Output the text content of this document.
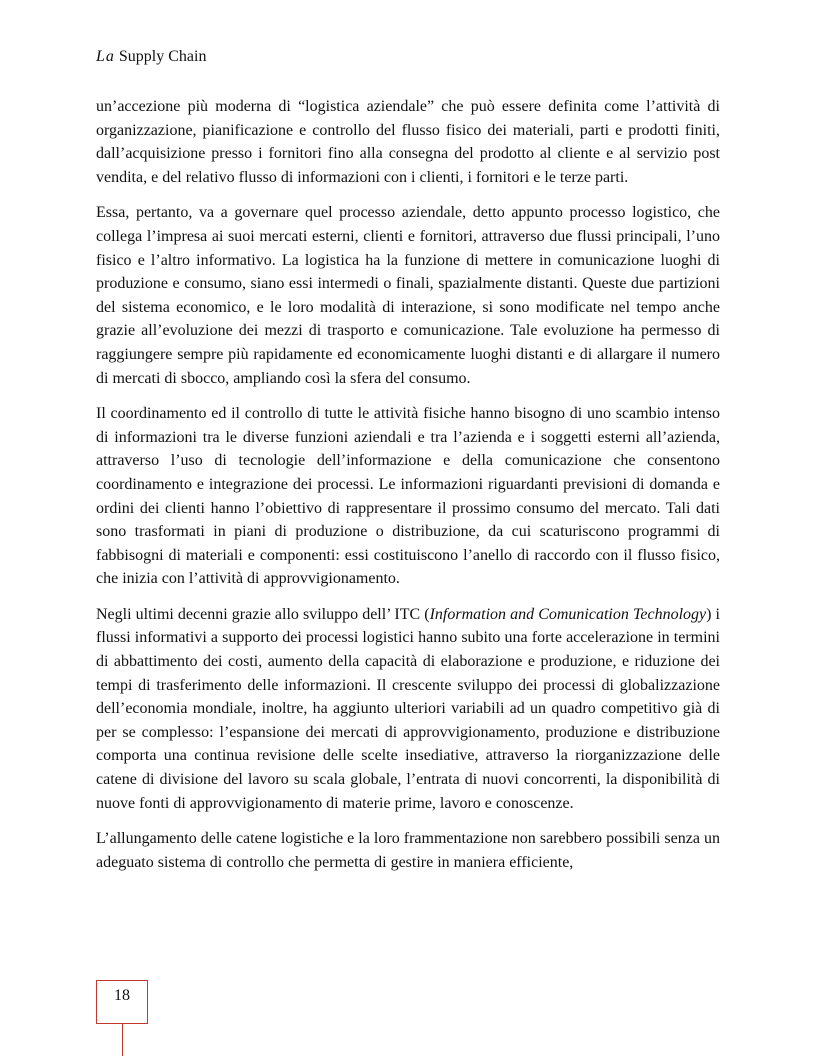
La Supply Chain

un’accezione più moderna di “logistica aziendale” che può essere definita come l’attività di organizzazione, pianificazione e controllo del flusso fisico dei materiali, parti e prodotti finiti, dall’acquisizione presso i fornitori fino alla consegna del prodotto al cliente e al servizio post vendita, e del relativo flusso di informazioni con i clienti, i fornitori e le terze parti.

Essa, pertanto, va a governare quel processo aziendale, detto appunto processo logistico, che collega l’impresa ai suoi mercati esterni, clienti e fornitori, attraverso due flussi principali, l’uno fisico e l’altro informativo. La logistica ha la funzione di mettere in comunicazione luoghi di produzione e consumo, siano essi intermedi o finali, spazialmente distanti. Queste due partizioni del sistema economico, e le loro modalità di interazione, si sono modificate nel tempo anche grazie all’evoluzione dei mezzi di trasporto e comunicazione. Tale evoluzione ha permesso di raggiungere sempre più rapidamente ed economicamente luoghi distanti e di allargare il numero di mercati di sbocco, ampliando così la sfera del consumo.

Il coordinamento ed il controllo di tutte le attività fisiche hanno bisogno di uno scambio intenso di informazioni tra le diverse funzioni aziendali e tra l’azienda e i soggetti esterni all’azienda, attraverso l’uso di tecnologie dell’informazione e della comunicazione che consentono coordinamento e integrazione dei processi. Le informazioni riguardanti previsioni di domanda e ordini dei clienti hanno l’obiettivo di rappresentare il prossimo consumo del mercato. Tali dati sono trasformati in piani di produzione o distribuzione, da cui scaturiscono programmi di fabbisogni di materiali e componenti: essi costituiscono l’anello di raccordo con il flusso fisico, che inizia con l’attività di approvvigionamento.

Negli ultimi decenni grazie allo sviluppo dell’ ITC (Information and Comunication Technology) i flussi informativi a supporto dei processi logistici hanno subito una forte accelerazione in termini di abbattimento dei costi, aumento della capacità di elaborazione e produzione, e riduzione dei tempi di trasferimento delle informazioni. Il crescente sviluppo dei processi di globalizzazione dell’economia mondiale, inoltre, ha aggiunto ulteriori variabili ad un quadro competitivo già di per se complesso: l’espansione dei mercati di approvvigionamento, produzione e distribuzione comporta una continua revisione delle scelte insediative, attraverso la riorganizzazione delle catene di divisione del lavoro su scala globale, l’entrata di nuovi concorrenti, la disponibilità di nuove fonti di approvvigionamento di materie prime, lavoro e conoscenze.

L’allungamento delle catene logistiche e la loro frammentazione non sarebbero possibili senza un adeguato sistema di controllo che permetta di gestire in maniera efficiente,

18
